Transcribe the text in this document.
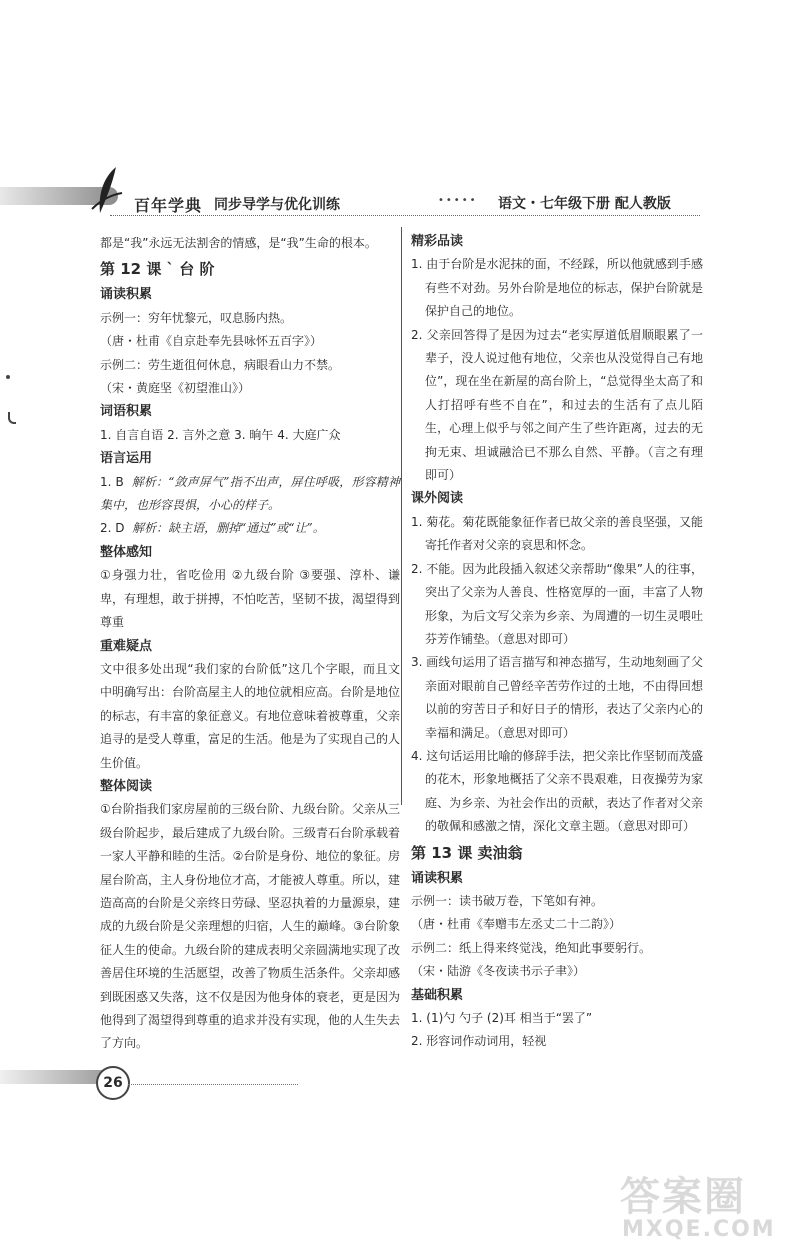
百年学典 同步导学与优化训练	••••• 语文・七年级下册 配人教版

都是“我”永远无法割舍的情感，是“我”生命的根本。

第 12 课 ` 台 阶

诵读积累

示例一：穷年忧黎元，叹息肠内热。

（唐・杜甫《自京赴奉先县咏怀五百字》）

示例二：劳生逝徂何休息，病眼看山力不禁。

（宋・黄庭坚《初望淮山》）

词语积累

1. 自言自语 2. 言外之意 3. 晌午 4. 大庭广众

语言运用

1. B 解析：“敛声屏气”指不出声，屏住呼吸，形容精神集中，也形容畏惧，小心的样子。

2. D 解析：缺主语，删掉“通过”或“让”。

整体感知

①身强力壮，省吃俭用 ②九级台阶 ③要强、淳朴、谦卑，有理想，敢于拼搏，不怕吃苦，坚韧不拔，渴望得到尊重

重难疑点

文中很多处出现“我们家的台阶低”这几个字眼，而且文中明确写出：台阶高屋主人的地位就相应高。台阶是地位的标志，有丰富的象征意义。有地位意味着被尊重，父亲追寻的是受人尊重，富足的生活。他是为了实现自己的人生价值。

整体阅读

①台阶指我们家房屋前的三级台阶、九级台阶。父亲从三级台阶起步，最后建成了九级台阶。三级青石台阶承载着一家人平静和睦的生活。②台阶是身份、地位的象征。房屋台阶高，主人身份地位才高，才能被人尊重。所以，建造高高的台阶是父亲终日劳碌、坚忍执着的力量源泉，建成的九级台阶是父亲理想的归宿，人生的巅峰。③台阶象征人生的使命。九级台阶的建成表明父亲圆满地实现了改善居住环境的生活愿望，改善了物质生活条件。父亲却感到既困惑又失落，这不仅是因为他身体的衰老，更是因为他得到了渴望得到尊重的追求并没有实现，他的人生失去了方向。

精彩品读

1. 由于台阶是水泥抹的面，不经踩，所以他就感到手感有些不对劲。另外台阶是地位的标志，保护台阶就是保护自己的地位。

2. 父亲回答得了是因为过去“老实厚道低眉顺眼累了一辈子，没人说过他有地位，父亲也从没觉得自己有地位”，现在坐在新屋的高台阶上，“总觉得坐太高了和人打招呼有些不自在”，和过去的生活有了点儿陌生，心理上似乎与邻之间产生了些许距离，过去的无拘无束、坦诚融洽已不那么自然、平静。（言之有理即可）

课外阅读

1. 菊花。菊花既能象征作者已故父亲的善良坚强，又能寄托作者对父亲的哀思和怀念。

2. 不能。因为此段插入叙述父亲帮助“像果”人的往事，突出了父亲为人善良、性格宽厚的一面，丰富了人物形象，为后文写父亲为乡亲、为周遭的一切生灵喂吐芬芳作铺垫。（意思对即可）

3. 画线句运用了语言描写和神态描写，生动地刻画了父亲面对眼前自己曾经辛苦劳作过的土地，不由得回想以前的穷苦日子和好日子的情形，表达了父亲内心的幸福和满足。（意思对即可）

4. 这句话运用比喻的修辞手法，把父亲比作坚韧而茂盛的花木，形象地概括了父亲不畏艰难，日夜操劳为家庭、为乡亲、为社会作出的贡献，表达了作者对父亲的敬佩和感激之情，深化文章主题。（意思对即可）

第 13 课 卖油翁

诵读积累

示例一：读书破万卷，下笔如有神。

（唐・杜甫《奉赠韦左丞丈二十二韵》）

示例二：纸上得来终觉浅，绝知此事要躬行。

（宋・陆游《冬夜读书示子聿》）

基础积累

1. (1)勺 勺子 (2)耳 相当于“罢了”

2. 形容词作动词用，轻视

26
答案圈
MXQE.COM
